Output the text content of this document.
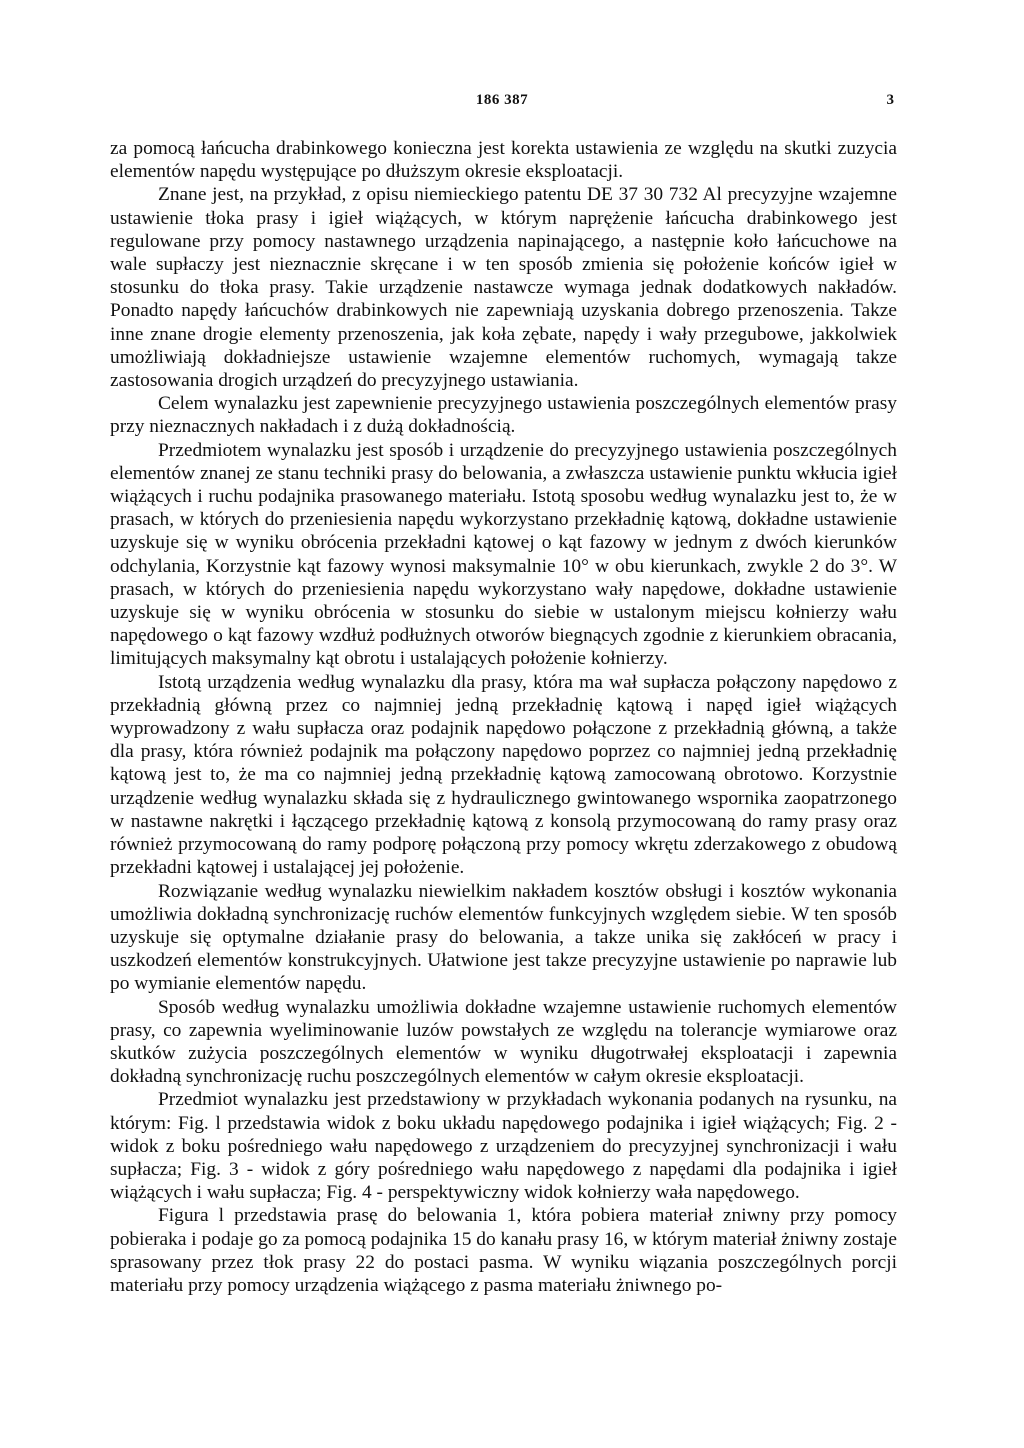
186 387	3

za pomocą łańcucha drabinkowego konieczna jest korekta ustawienia ze względu na skutki zuzycia elementów napędu występujące po dłuższym okresie eksploatacji.

Znane jest, na przykład, z opisu niemieckiego patentu DE 37 30 732 Al precyzyjne wzajemne ustawienie tłoka prasy i igieł wiążących, w którym naprężenie łańcucha drabinkowego jest regulowane przy pomocy nastawnego urządzenia napinającego, a następnie koło łańcuchowe na wale supłaczy jest nieznacznie skręcane i w ten sposób zmienia się położenie końców igieł w stosunku do tłoka prasy. Takie urządzenie nastawcze wymaga jednak dodatkowych nakładów. Ponadto napędy łańcuchów drabinkowych nie zapewniają uzyskania dobrego przenoszenia. Takze inne znane drogie elementy przenoszenia, jak koła zębate, napędy i wały przegubowe, jakkolwiek umożliwiają dokładniejsze ustawienie wzajemne elementów ruchomych, wymagają takze zastosowania drogich urządzeń do precyzyjnego ustawiania.

Celem wynalazku jest zapewnienie precyzyjnego ustawienia poszczególnych elementów prasy przy nieznacznych nakładach i z dużą dokładnością.

Przedmiotem wynalazku jest sposób i urządzenie do precyzyjnego ustawienia poszczególnych elementów znanej ze stanu techniki prasy do belowania, a zwłaszcza ustawienie punktu wkłucia igieł wiążących i ruchu podajnika prasowanego materiału. Istotą sposobu według wynalazku jest to, że w prasach, w których do przeniesienia napędu wykorzystano przekładnię kątową, dokładne ustawienie uzyskuje się w wyniku obrócenia przekładni kątowej o kąt fazowy w jednym z dwóch kierunków odchylania, Korzystnie kąt fazowy wynosi maksymalnie 10° w obu kierunkach, zwykle 2 do 3°. W prasach, w których do przeniesienia napędu wykorzystano wały napędowe, dokładne ustawienie uzyskuje się w wyniku obrócenia w stosunku do siebie w ustalonym miejscu kołnierzy wału napędowego o kąt fazowy wzdłuż podłużnych otworów biegnących zgodnie z kierunkiem obracania, limitujących maksymalny kąt obrotu i ustalających położenie kołnierzy.

Istotą urządzenia według wynalazku dla prasy, która ma wał supłacza połączony napędowo z przekładnią główną przez co najmniej jedną przekładnię kątową i napęd igieł wiążących wyprowadzony z wału supłacza oraz podajnik napędowo połączone z przekładnią główną, a także dla prasy, która również podajnik ma połączony napędowo poprzez co najmniej jedną przekładnię kątową jest to, że ma co najmniej jedną przekładnię kątową zamocowaną obrotowo. Korzystnie urządzenie według wynalazku składa się z hydraulicznego gwintowanego wspornika zaopatrzonego w nastawne nakrętki i łączącego przekładnię kątową z konsolą przymocowaną do ramy prasy oraz również przymocowaną do ramy podporę połączoną przy pomocy wkrętu zderzakowego z obudową przekładni kątowej i ustalającej jej położenie.

Rozwiązanie według wynalazku niewielkim nakładem kosztów obsługi i kosztów wykonania umożliwia dokładną synchronizację ruchów elementów funkcyjnych względem siebie. W ten sposób uzyskuje się optymalne działanie prasy do belowania, a takze unika się zakłóceń w pracy i uszkodzeń elementów konstrukcyjnych. Ułatwione jest takze precyzyjne ustawienie po naprawie lub po wymianie elementów napędu.

Sposób według wynalazku umożliwia dokładne wzajemne ustawienie ruchomych elementów prasy, co zapewnia wyeliminowanie luzów powstałych ze względu na tolerancje wymiarowe oraz skutków zużycia poszczególnych elementów w wyniku długotrwałej eksploatacji i zapewnia dokładną synchronizację ruchu poszczególnych elementów w całym okresie eksploatacji.

Przedmiot wynalazku jest przedstawiony w przykładach wykonania podanych na rysunku, na którym: Fig. l przedstawia widok z boku układu napędowego podajnika i igieł wiążących; Fig. 2 - widok z boku pośredniego wału napędowego z urządzeniem do precyzyjnej synchronizacji i wału supłacza; Fig. 3 - widok z góry pośredniego wału napędowego z napędami dla podajnika i igieł wiążących i wału supłacza; Fig. 4 - perspektywiczny widok kołnierzy wała napędowego.

Figura l przedstawia prasę do belowania 1, która pobiera materiał zniwny przy pomocy pobieraka i podaje go za pomocą podajnika 15 do kanału prasy 16, w którym materiał żniwny zostaje sprasowany przez tłok prasy 22 do postaci pasma. W wyniku wiązania poszczególnych porcji materiału przy pomocy urządzenia wiążącego z pasma materiału żniwnego po-
